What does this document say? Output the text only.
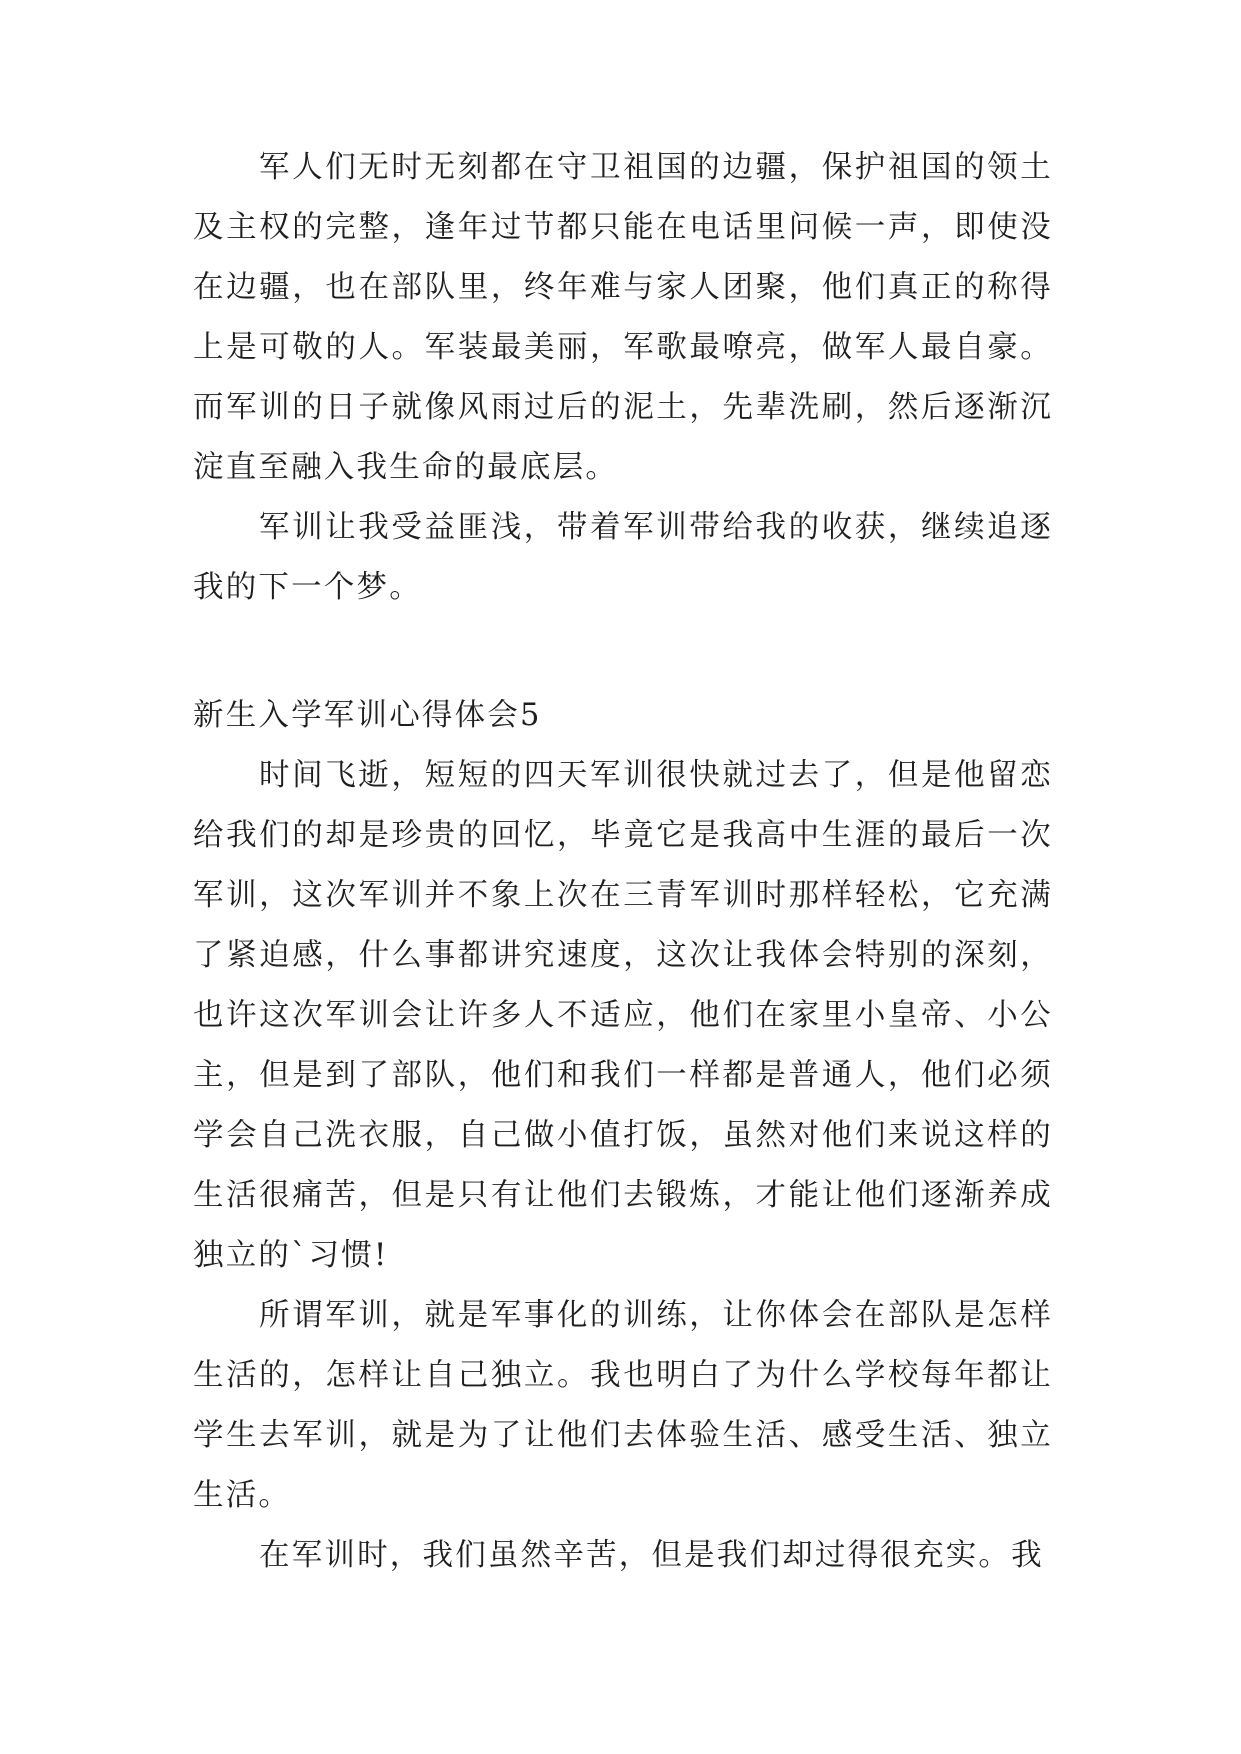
军人们无时无刻都在守卫祖国的边疆，保护祖国的领土及主权的完整，逢年过节都只能在电话里问候一声，即使没在边疆，也在部队里，终年难与家人团聚，他们真正的称得上是可敬的人。军装最美丽，军歌最嘹亮，做军人最自豪。而军训的日子就像风雨过后的泥土，先辈洗刷，然后逐渐沉淀直至融入我生命的最底层。

军训让我受益匪浅，带着军训带给我的收获，继续追逐我的下一个梦。

新生入学军训心得体会5

时间飞逝，短短的四天军训很快就过去了，但是他留恋给我们的却是珍贵的回忆，毕竟它是我高中生涯的最后一次军训，这次军训并不象上次在三青军训时那样轻松，它充满了紧迫感，什么事都讲究速度，这次让我体会特别的深刻，也许这次军训会让许多人不适应，他们在家里小皇帝、小公主，但是到了部队，他们和我们一样都是普通人，他们必须学会自己洗衣服，自己做小值打饭，虽然对他们来说这样的生活很痛苦，但是只有让他们去锻炼，才能让他们逐渐养成独立的`习惯!

所谓军训，就是军事化的训练，让你体会在部队是怎样生活的，怎样让自己独立。我也明白了为什么学校每年都让学生去军训，就是为了让他们去体验生活、感受生活、独立生活。

在军训时，我们虽然辛苦，但是我们却过得很充实。我
